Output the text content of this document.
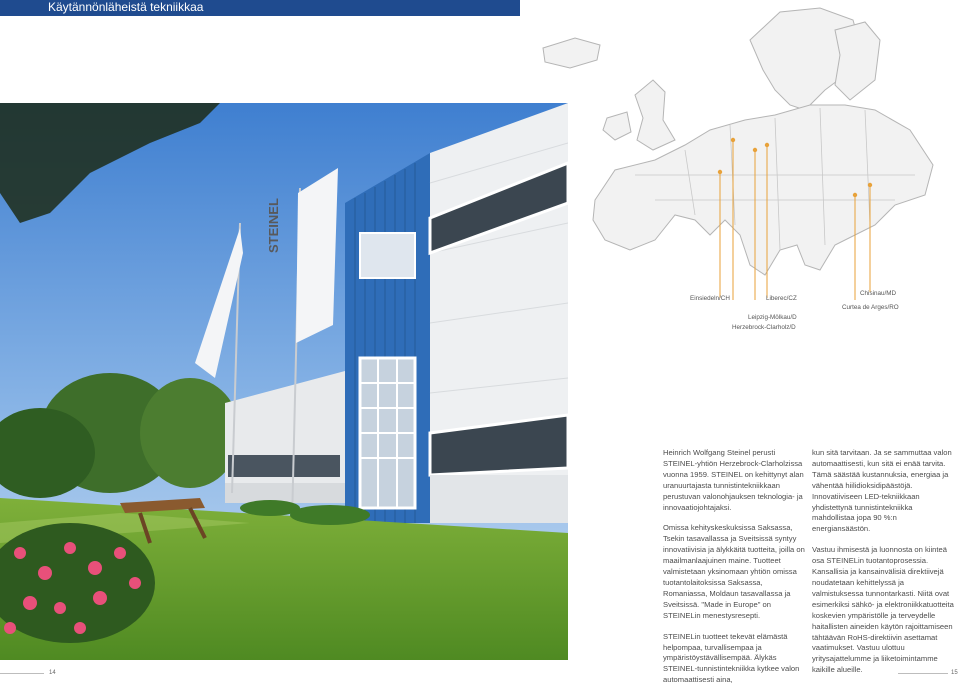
Käytännönläheistä tekniikkaa
STEINEL
Einsiedeln/CH	Liberec/CZ
Leipzig-Mölkau/D
Herzebrock-Clarholz/D
Chisinau/MD
Curtea de Arges/RO

Heinrich Wolfgang Steinel perusti STEINEL-yhtiön Herzebrock-Clarholzissa vuonna 1959. STEINEL on kehittynyt alan uranuurtajasta tunnistintekniikkaan perustuvan valonohjauksen teknologia- ja innovaatiojohtajaksi.

Omissa kehityskeskuksissa Saksassa, Tsekin tasavallassa ja Sveitsissä syntyy innovatiivisia ja älykkäitä tuotteita, joilla on maailmanlaajuinen maine. Tuotteet valmistetaan yksinomaan yhtiön omissa tuotantolaitoksissa Saksassa, Romaniassa, Moldaun tasavallassa ja Sveitsissä. "Made in Europe" on STEINELin menestysresepti.

STEINELin tuotteet tekevät elämästä helpompaa, turvallisempaa ja ympäristöystävällisempää. Älykäs STEINEL-tunnistintekniikka kytkee valon automaattisesti aina,

kun sitä tarvitaan. Ja se sammuttaa valon automaattisesti, kun sitä ei enää tarvita. Tämä säästää kustannuksia, energiaa ja vähentää hiilidioksidipäästöjä. Innovatiiviseen LED-tekniikkaan yhdistettynä tunnistintekniikka mahdollistaa jopa 90 %:n energiansäästön.

Vastuu ihmisestä ja luonnosta on kiinteä osa STEINELin tuotantoprosessia. Kansallisia ja kansainvälisiä direktiivejä noudatetaan kehittelyssä ja valmistuksessa tunnontarkasti. Niitä ovat esimerkiksi sähkö- ja elektroniikkatuotteita koskevien ympäristölle ja terveydelle haitallisten aineiden käytön rajoittamiseen tähtäävän RoHS-direktiivin asettamat vaatimukset. Vastuu ulottuu yritysajattelumme ja liiketoimintamme kaikille alueille.

14	15
